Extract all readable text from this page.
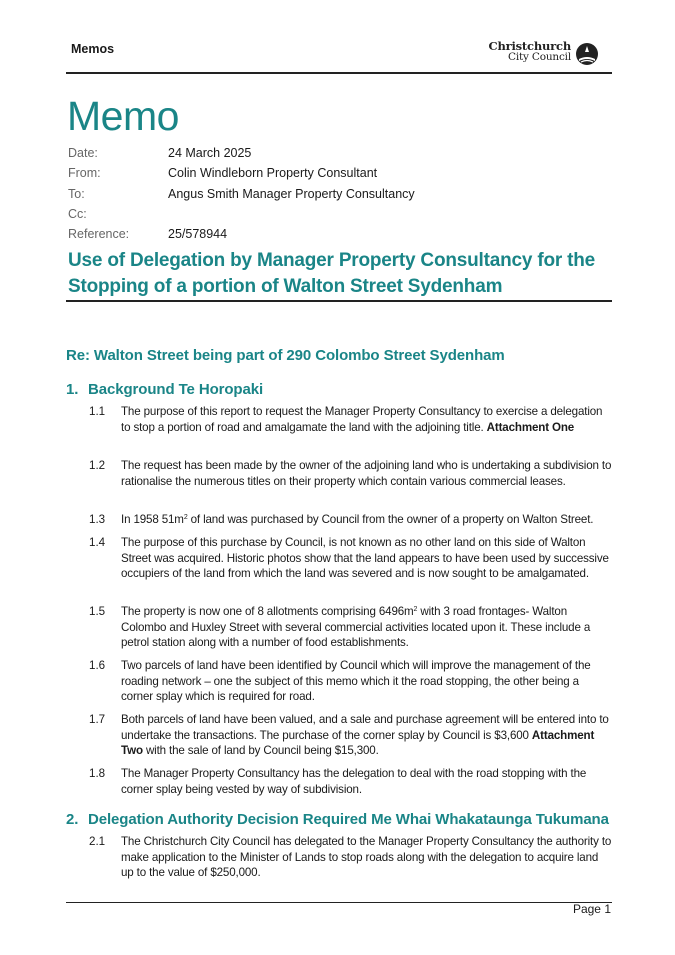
Memos	Christchurch
City Council
Memo
Date:	24 March 2025
From:	Colin Windleborn Property Consultant
To:	Angus Smith Manager Property Consultancy
Cc:
Reference:	25/578944
Use of Delegation by Manager Property Consultancy for the
Stopping of a portion of Walton Street Sydenham
Re: Walton Street being part of 290 Colombo Street Sydenham
1. Background Te Horopaki
1.1	The purpose of this report to request the Manager Property Consultancy to exercise a delegation to stop a portion of road and amalgamate the land with the adjoining title. Attachment One
1.2	The request has been made by the owner of the adjoining land who is undertaking a subdivision to rationalise the numerous titles on their property which contain various commercial leases.
1.3	In 1958 $51m^2$ of land was purchased by Council from the owner of a property on Walton Street.
1.4	The purpose of this purchase by Council, is not known as no other land on this side of Walton Street was acquired. Historic photos show that the land appears to have been used by successive occupiers of the land from which the land was severed and is now sought to be amalgamated.
1.5	The property is now one of 8 allotments comprising $6496m^2$ with 3 road frontages- Walton Colombo and Huxley Street with several commercial activities located upon it. These include a petrol station along with a number of food establishments.
1.6	Two parcels of land have been identified by Council which will improve the management of the roading network – one the subject of this memo which it the road stopping, the other being a corner splay which is required for road.
1.7	Both parcels of land have been valued, and a sale and purchase agreement will be entered into to undertake the transactions. The purchase of the corner splay by Council is $3,600 Attachment Two with the sale of land by Council being $15,300.
1.8	The Manager Property Consultancy has the delegation to deal with the road stopping with the corner splay being vested by way of subdivision.
2. Delegation Authority Decision Required Me Whai Whakataunga Tukumana
2.1	The Christchurch City Council has delegated to the Manager Property Consultancy the authority to make application to the Minister of Lands to stop roads along with the delegation to acquire land up to the value of $250,000.
Page 1
